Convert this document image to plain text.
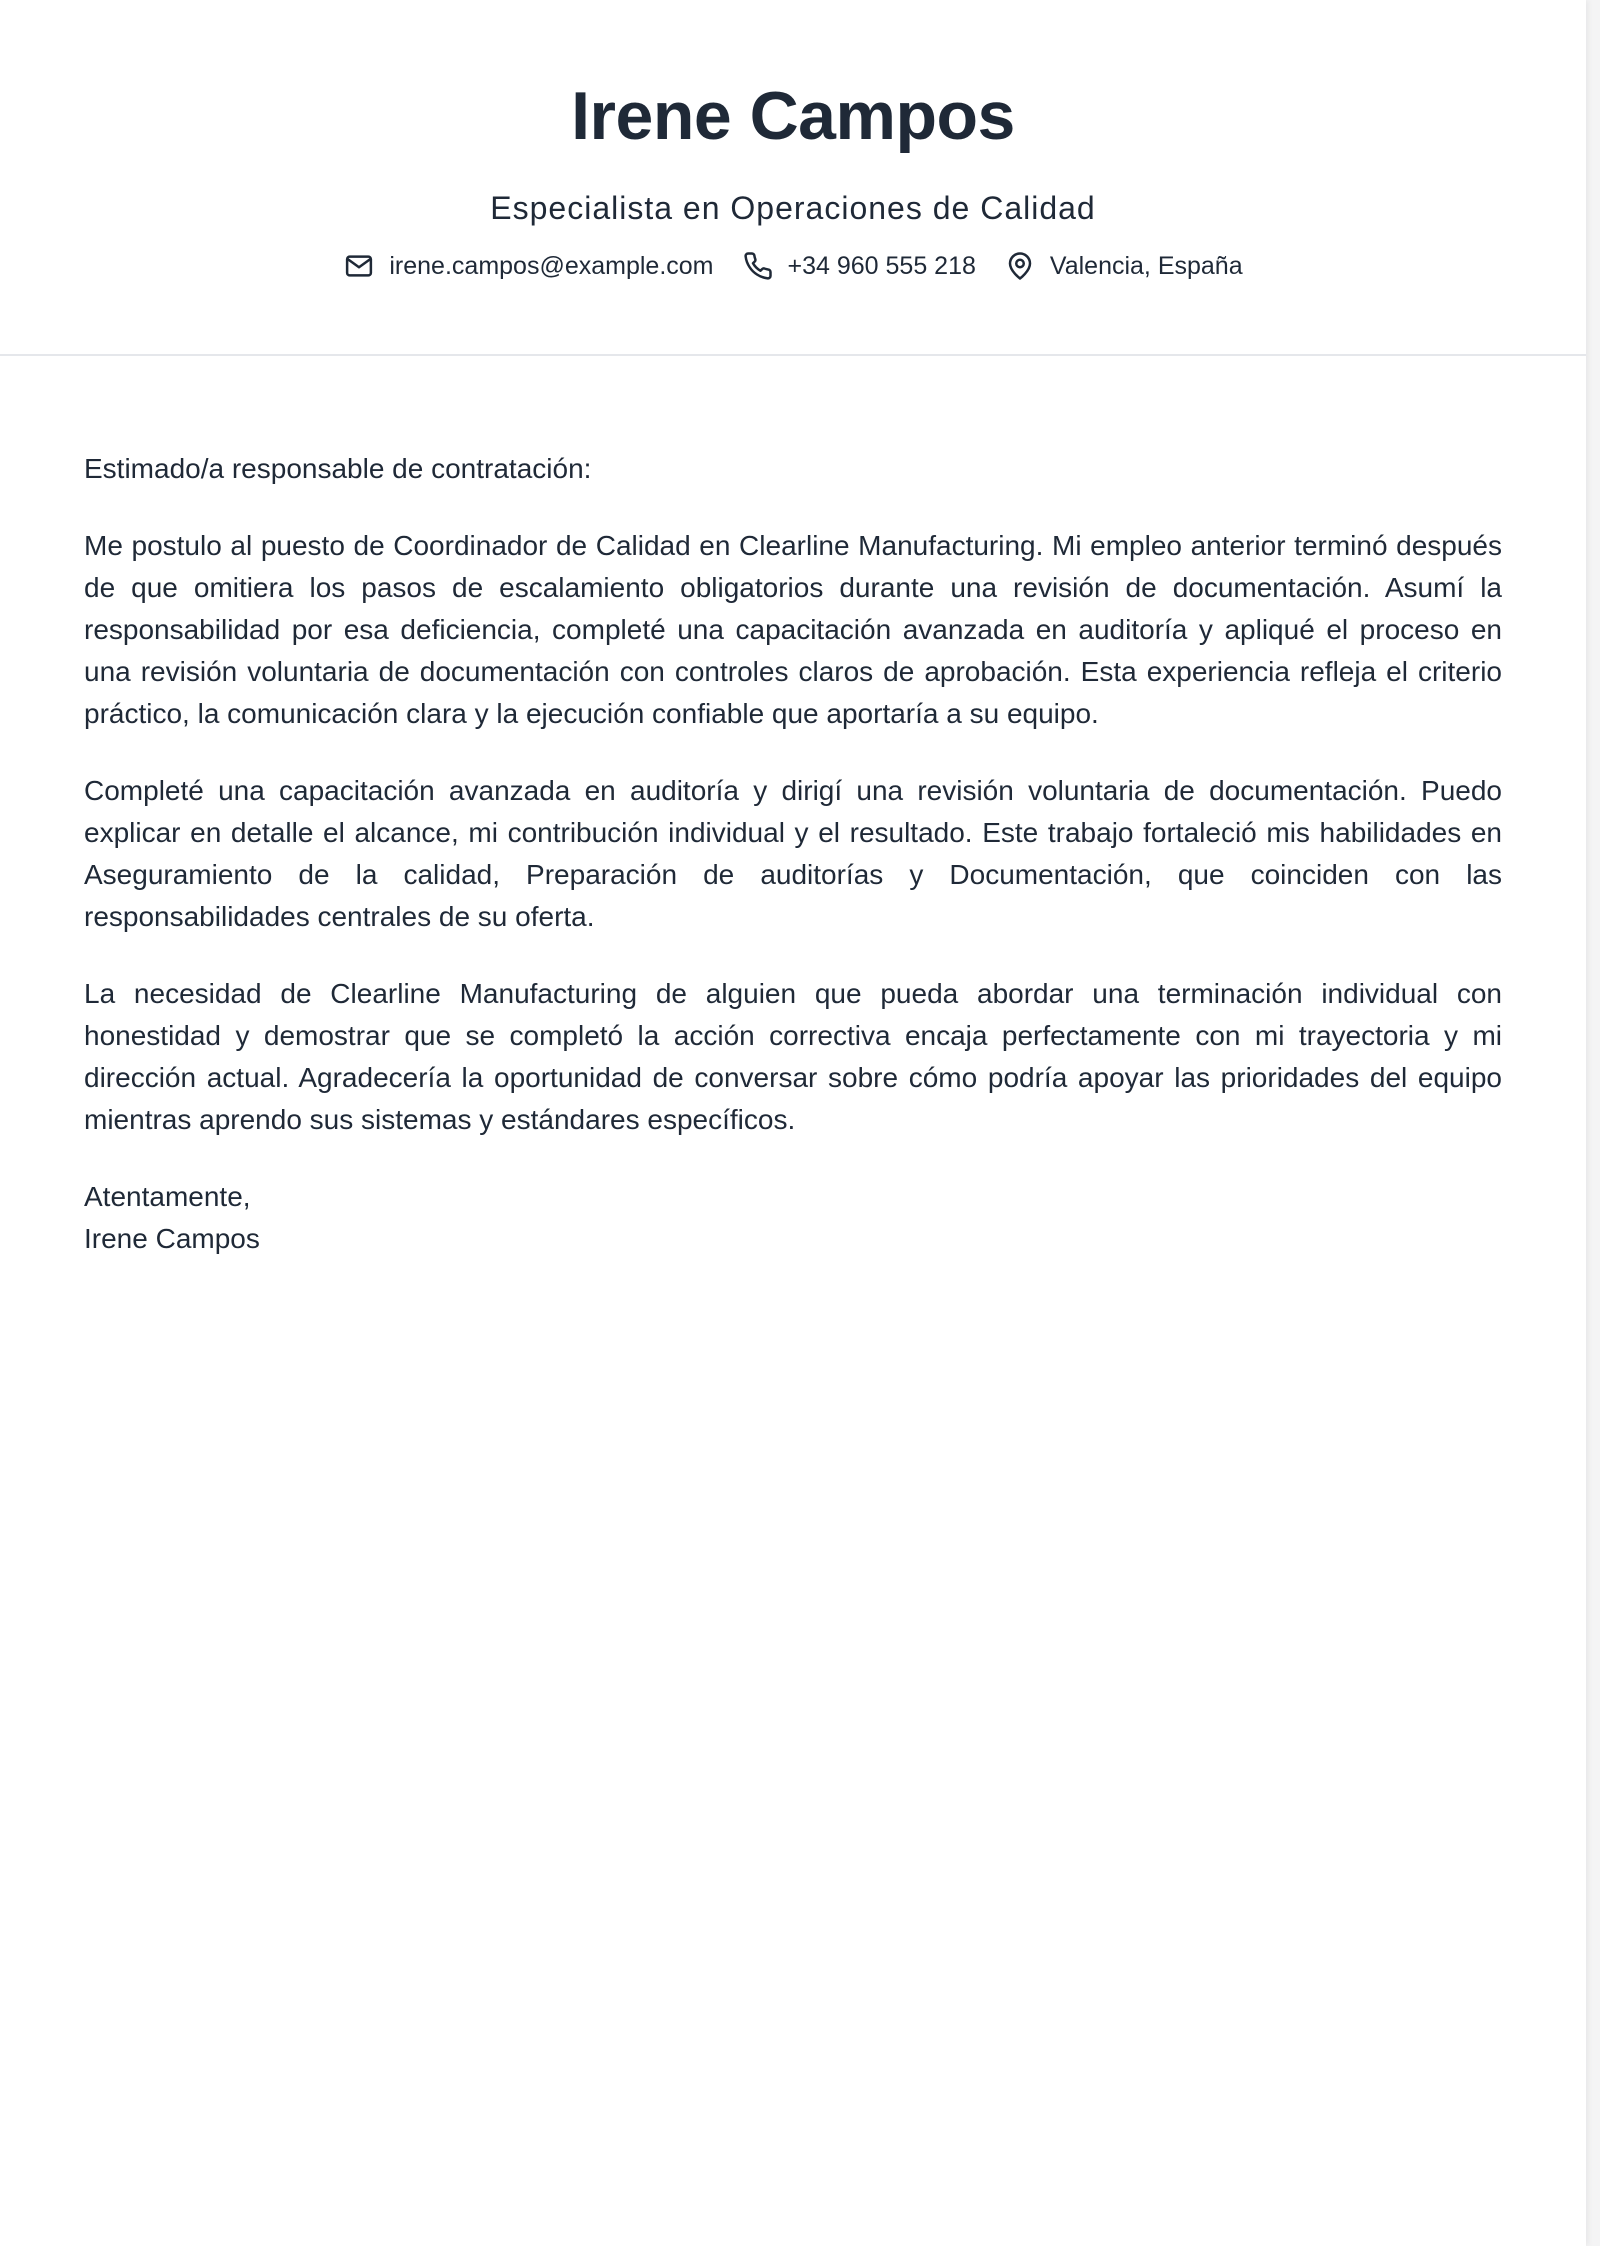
Irene Campos
Especialista en Operaciones de Calidad
irene.campos@example.com	+34 960 555 218	Valencia, España

Estimado/a responsable de contratación:

Me postulo al puesto de Coordinador de Calidad en Clearline Manufacturing. Mi empleo anterior terminó después de que omitiera los pasos de escalamiento obligatorios durante una revisión de documentación. Asumí la responsabilidad por esa deficiencia, completé una capacitación avanzada en auditoría y apliqué el proceso en una revisión voluntaria de documentación con controles claros de aprobación. Esta experiencia refleja el criterio práctico, la comunicación clara y la ejecución confiable que aportaría a su equipo.

Completé una capacitación avanzada en auditoría y dirigí una revisión voluntaria de documentación. Puedo explicar en detalle el alcance, mi contribución individual y el resultado. Este trabajo fortaleció mis habilidades en Aseguramiento de la calidad, Preparación de auditorías y Documentación, que coinciden con las responsabilidades centrales de su oferta.

La necesidad de Clearline Manufacturing de alguien que pueda abordar una terminación individual con honestidad y demostrar que se completó la acción correctiva encaja perfectamente con mi trayectoria y mi dirección actual. Agradecería la oportunidad de conversar sobre cómo podría apoyar las prioridades del equipo mientras aprendo sus sistemas y estándares específicos.

Atentamente,
Irene Campos
